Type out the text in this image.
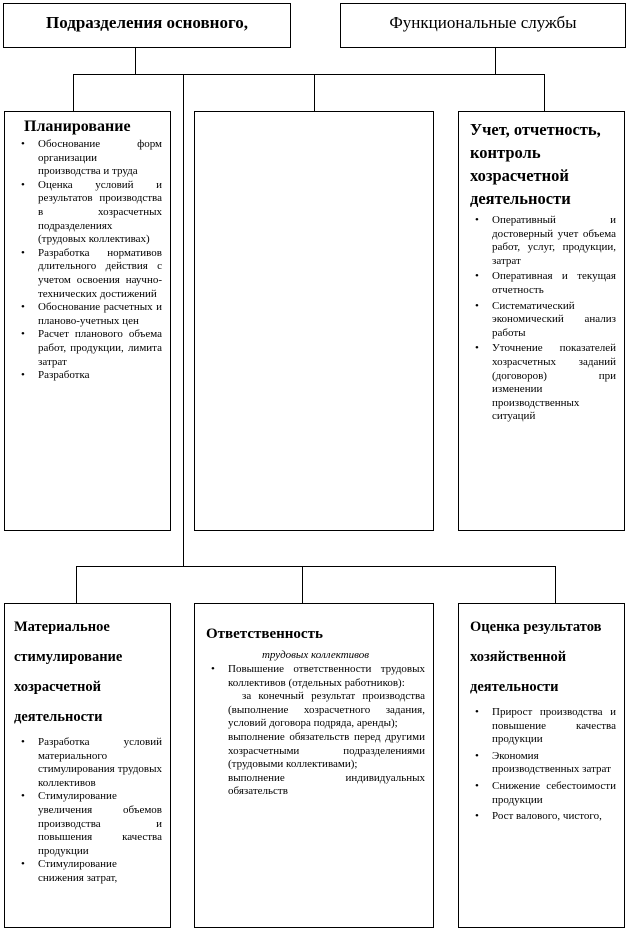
Подразделения основного,	Функциональные службы
Планирование
• Обоснование форм организации производства и труда
• Оценка условий и результатов производства в хозрасчетных подразделениях (трудовых коллективах)
• Разработка нормативов длительного действия с учетом освоения научно-технических достижений
• Обоснование расчетных и планово-учетных цен
• Расчет планового объема работ, продукции, лимита затрат
• Разработка
Учет, отчетность, контроль хозрасчетной деятельности
• Оперативный и достоверный учет объема работ, услуг, продукции, затрат
• Оперативная и текущая отчетность
• Систематический экономический анализ работы
• Уточнение показателей хозрасчетных заданий (договоров) при изменении производственных ситуаций
Материальное стимулирование хозрасчетной деятельности
• Разработка условий материального стимулирования трудовых коллективов
• Стимулирование увеличения объемов производства и повышения качества продукции
• Стимулирование снижения затрат,
Ответственность
трудовых коллективов
• Повышение ответственности трудовых коллективов (отдельных работников):
за конечный результат производства (выполнение хозрасчетного задания, условий договора подряда, аренды);
выполнение обязательств перед другими хозрасчетными подразделениями (трудовыми коллективами);
выполнение индивидуальных обязательств
Оценка результатов хозяйственной деятельности
• Прирост производства и повышение качества продукции
• Экономия производственных затрат
• Снижение себестоимости продукции
• Рост валового, чистого,
